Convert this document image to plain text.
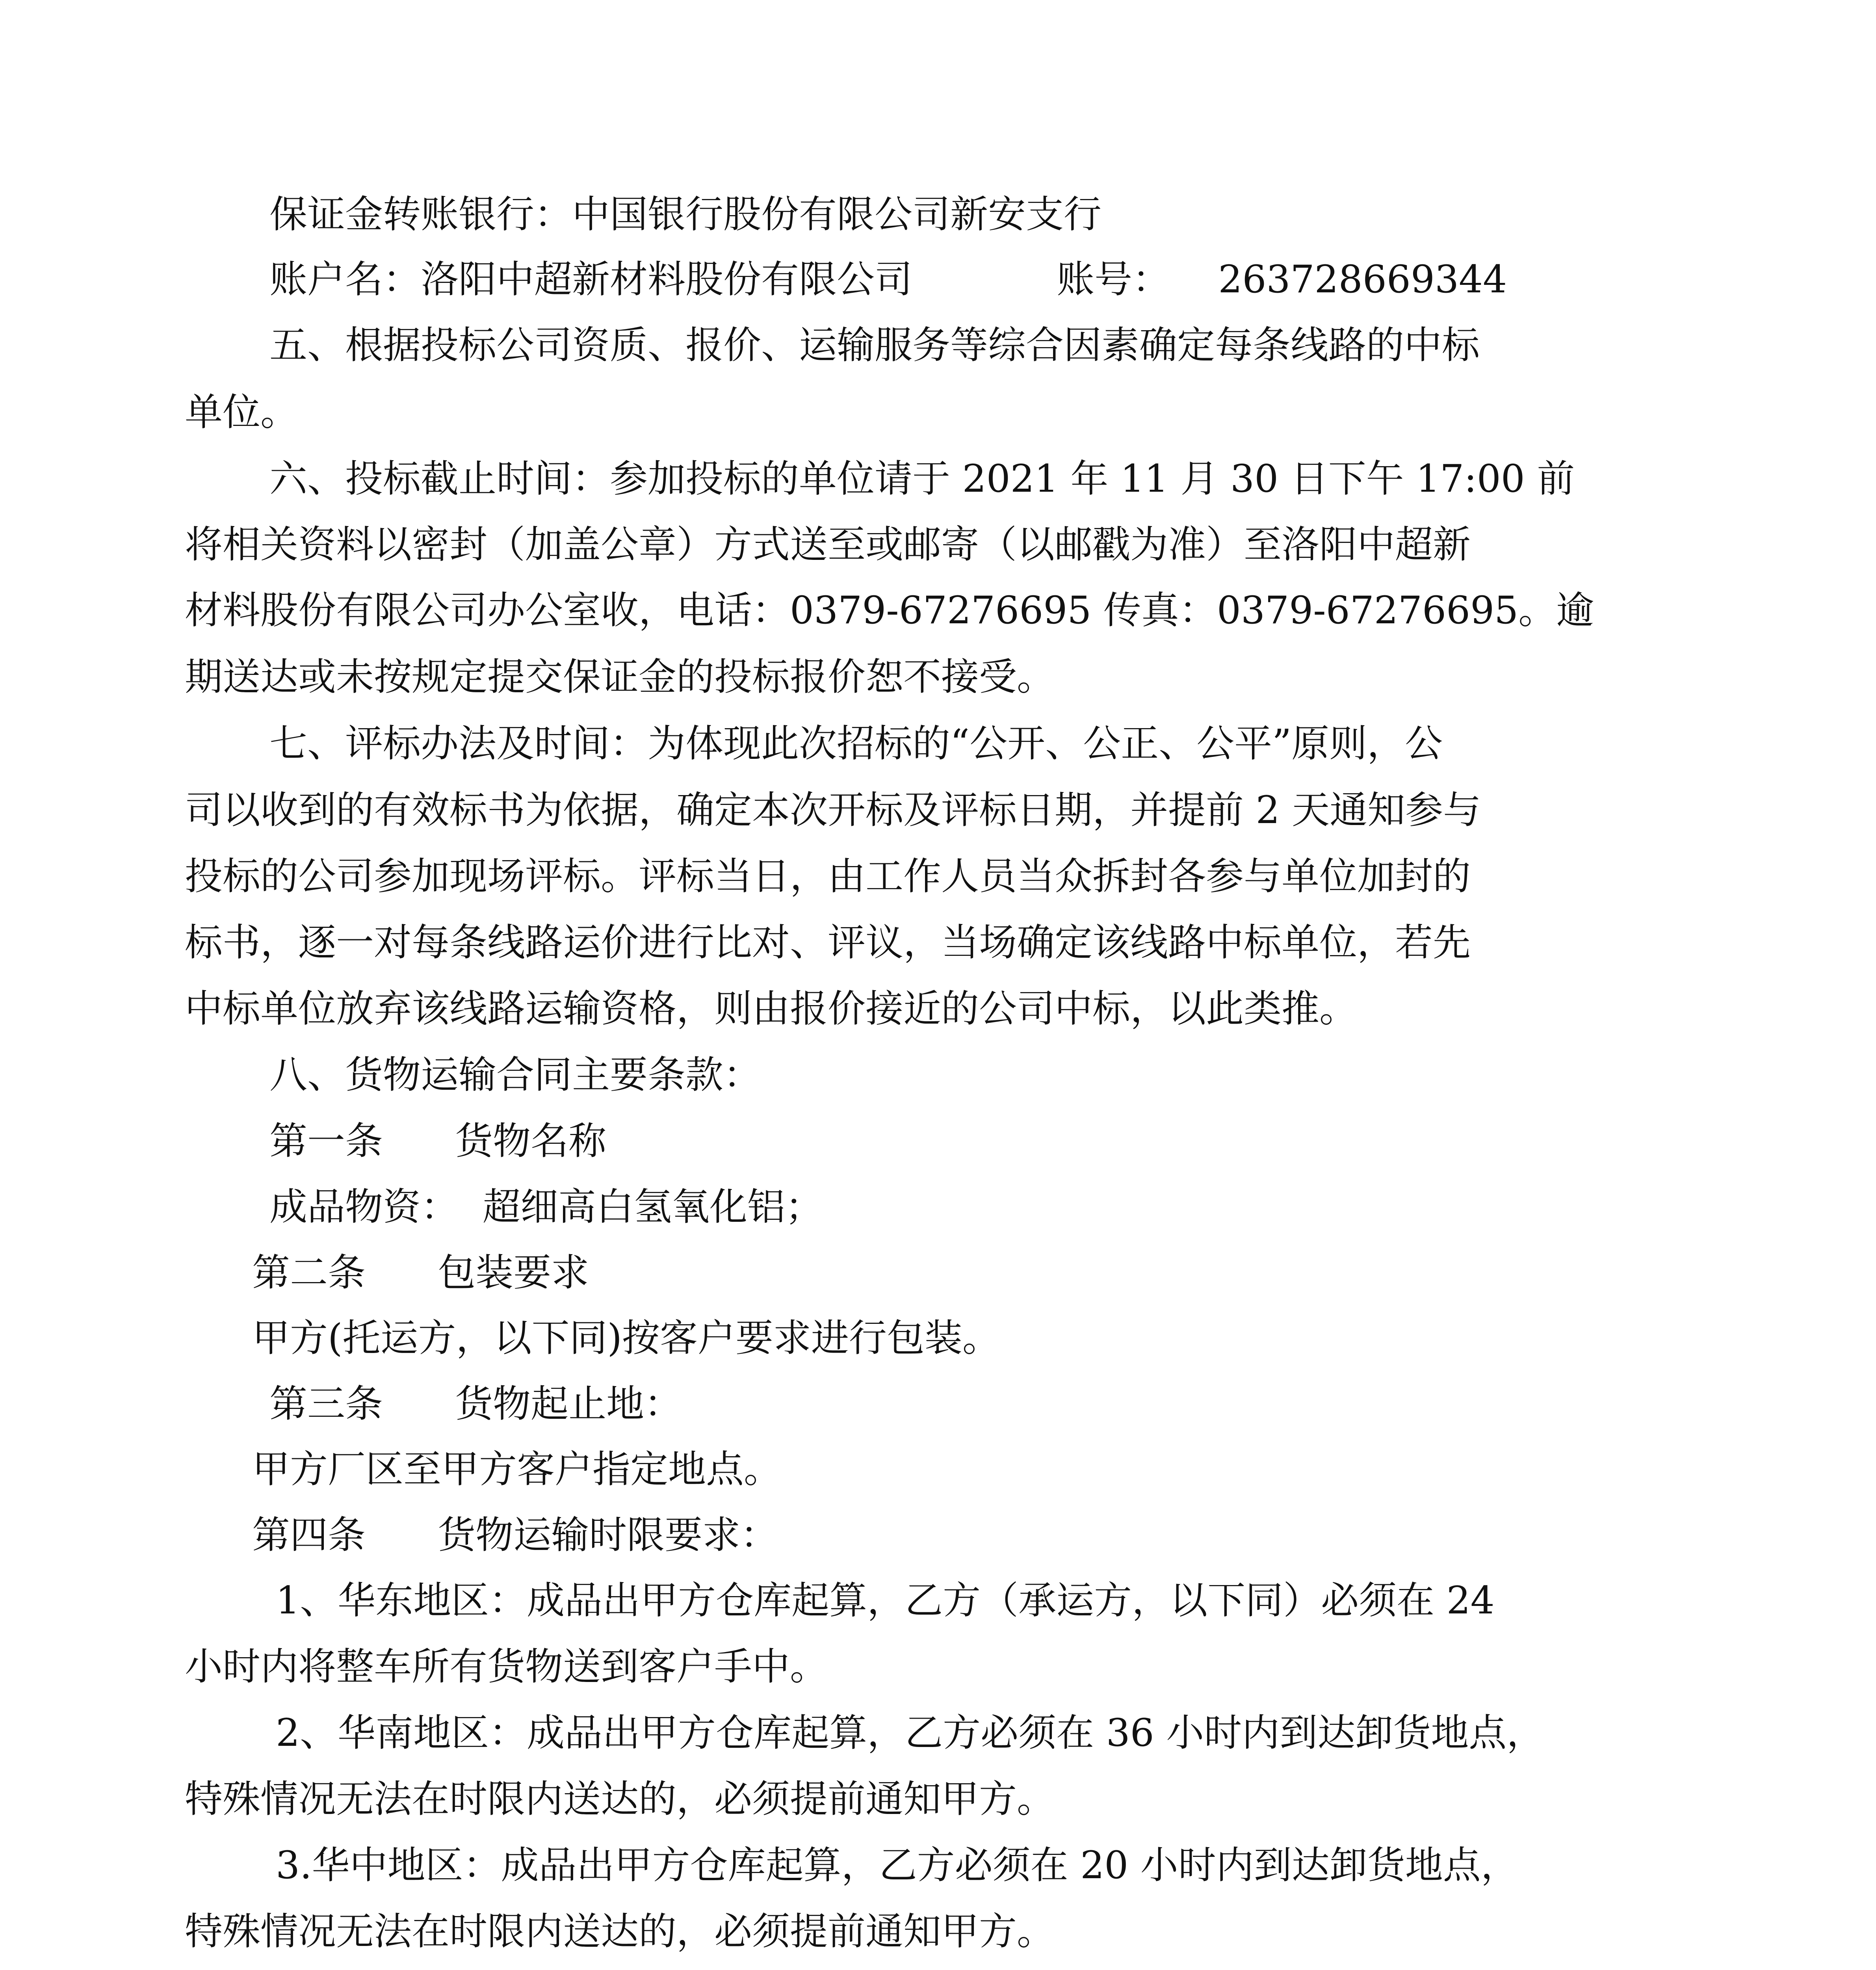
保证金转账银行：中国银行股份有限公司新安支行
账户名：洛阳中超新材料股份有限公司            账号：    263728669344
五、根据投标公司资质、报价、运输服务等综合因素确定每条线路的中标
单位。
六、投标截止时间：参加投标的单位请于 2021 年 11 月 30 日下午 17:00 前
将相关资料以密封（加盖公章）方式送至或邮寄（以邮戳为准）至洛阳中超新
材料股份有限公司办公室收，电话：0379-67276695 传真：0379-67276695。逾
期送达或未按规定提交保证金的投标报价恕不接受。
七、评标办法及时间：为体现此次招标的“公开、公正、公平”原则，公
司以收到的有效标书为依据，确定本次开标及评标日期，并提前 2 天通知参与
投标的公司参加现场评标。评标当日，由工作人员当众拆封各参与单位加封的
标书，逐一对每条线路运价进行比对、评议，当场确定该线路中标单位，若先
中标单位放弃该线路运输资格，则由报价接近的公司中标，以此类推。
八、货物运输合同主要条款：
第一条      货物名称
成品物资：  超细高白氢氧化铝；
第二条      包装要求
甲方(托运方，以下同)按客户要求进行包装。
第三条      货物起止地：
甲方厂区至甲方客户指定地点。
第四条      货物运输时限要求：
1、华东地区：成品出甲方仓库起算，乙方（承运方，以下同）必须在 24
小时内将整车所有货物送到客户手中。
2、华南地区：成品出甲方仓库起算，乙方必须在 36 小时内到达卸货地点，
特殊情况无法在时限内送达的，必须提前通知甲方。
3.华中地区：成品出甲方仓库起算，乙方必须在 20 小时内到达卸货地点，
特殊情况无法在时限内送达的，必须提前通知甲方。
